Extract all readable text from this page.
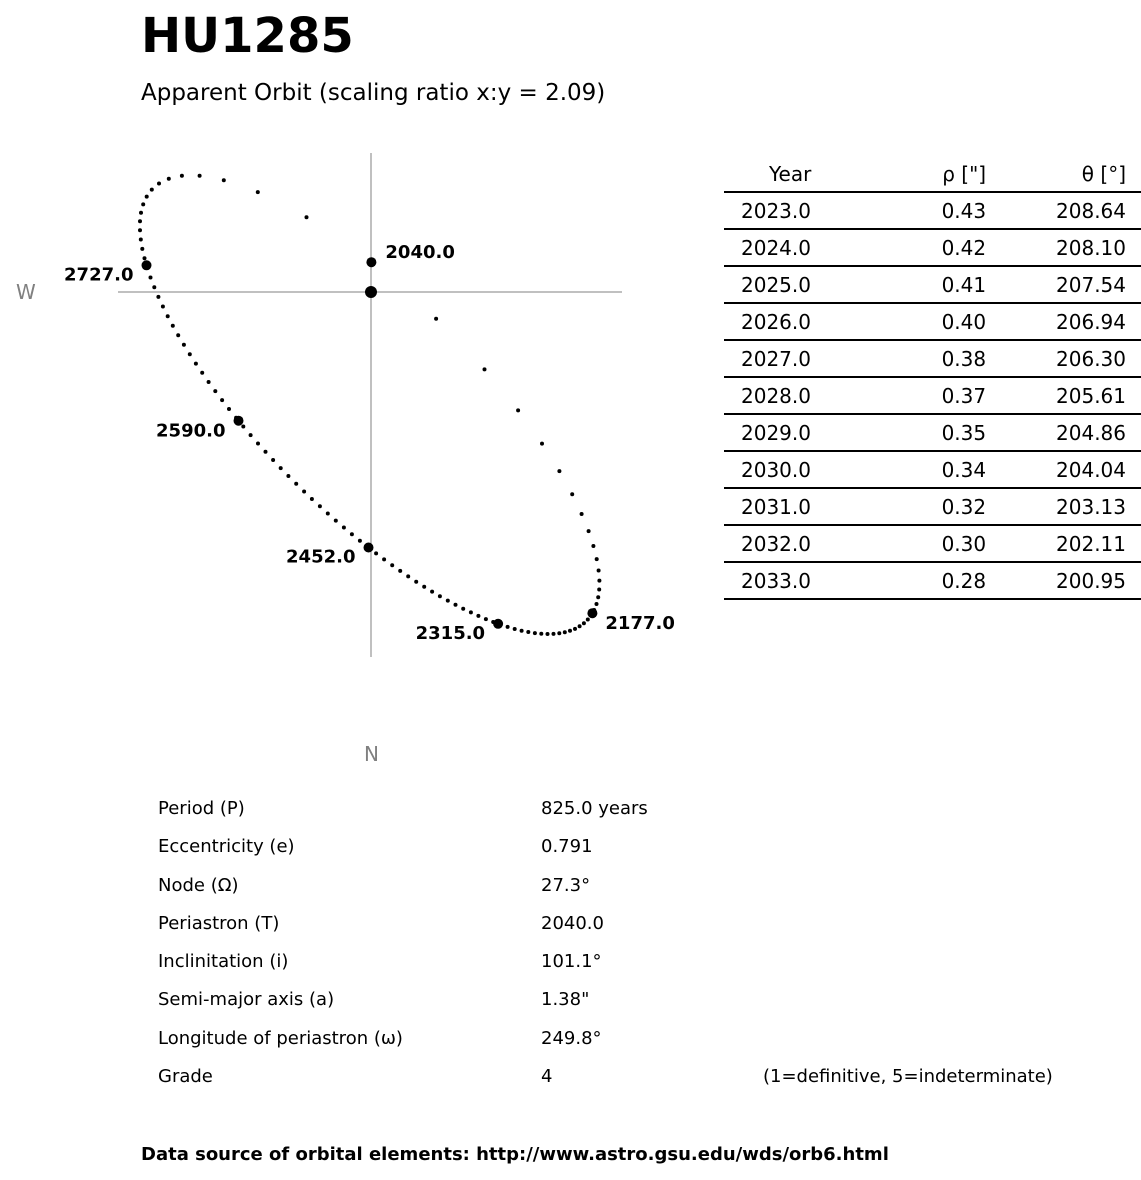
HU1285
Apparent Orbit (scaling ratio x:y = 2.09)
W
N
2040.0
2177.0
2315.0
2452.0
2590.0
2727.0
Year	ρ ["]	θ [°]
2023.0	0.43	208.64
2024.0	0.42	208.10
2025.0	0.41	207.54
2026.0	0.40	206.94
2027.0	0.38	206.30
2028.0	0.37	205.61
2029.0	0.35	204.86
2030.0	0.34	204.04
2031.0	0.32	203.13
2032.0	0.30	202.11
2033.0	0.28	200.95
Period (P)	825.0 years
Eccentricity (e)	0.791
Node (Ω)	27.3°
Periastron (T)	2040.0
Inclinitation (i)	101.1°
Semi-major axis (a)	1.38"
Longitude of periastron (ω)	249.8°
Grade	4	(1=definitive, 5=indeterminate)
Data source of orbital elements: http://www.astro.gsu.edu/wds/orb6.html
